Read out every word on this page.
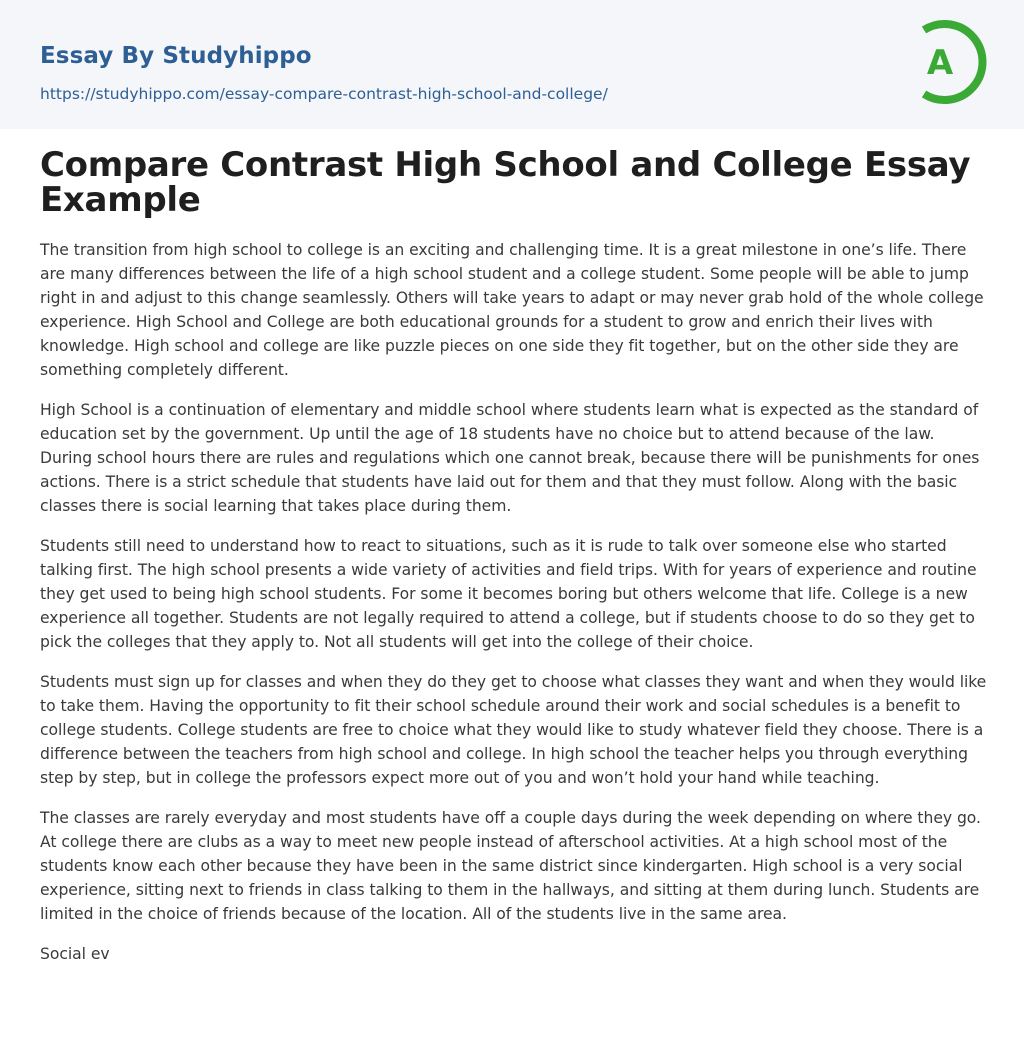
Essay By Studyhippo
https://studyhippo.com/essay-compare-contrast-high-school-and-college/
A
Compare Contrast High School and College Essay Example

The transition from high school to college is an exciting and challenging time. It is a great milestone in one’s life. There are many differences between the life of a high school student and a college student. Some people will be able to jump right in and adjust to this change seamlessly. Others will take years to adapt or may never grab hold of the whole college experience. High School and College are both educational grounds for a student to grow and enrich their lives with knowledge. High school and college are like puzzle pieces on one side they fit together, but on the other side they are something completely different.

High School is a continuation of elementary and middle school where students learn what is expected as the standard of education set by the government. Up until the age of 18 students have no choice but to attend because of the law. During school hours there are rules and regulations which one cannot break, because there will be punishments for ones actions. There is a strict schedule that students have laid out for them and that they must follow. Along with the basic classes there is social learning that takes place during them.

Students still need to understand how to react to situations, such as it is rude to talk over someone else who started talking first. The high school presents a wide variety of activities and field trips. With for years of experience and routine they get used to being high school students. For some it becomes boring but others welcome that life. College is a new experience all together. Students are not legally required to attend a college, but if students choose to do so they get to pick the colleges that they apply to. Not all students will get into the college of their choice.

Students must sign up for classes and when they do they get to choose what classes they want and when they would like to take them. Having the opportunity to fit their school schedule around their work and social schedules is a benefit to college students. College students are free to choice what they would like to study whatever field they choose. There is a difference between the teachers from high school and college. In high school the teacher helps you through everything step by step, but in college the professors expect more out of you and won’t hold your hand while teaching.

The classes are rarely everyday and most students have off a couple days during the week depending on where they go. At college there are clubs as a way to meet new people instead of afterschool activities. At a high school most of the students know each other because they have been in the same district since kindergarten. High school is a very social experience, sitting next to friends in class talking to them in the hallways, and sitting at them during lunch. Students are limited in the choice of friends because of the location. All of the students live in the same area.

Social ev
